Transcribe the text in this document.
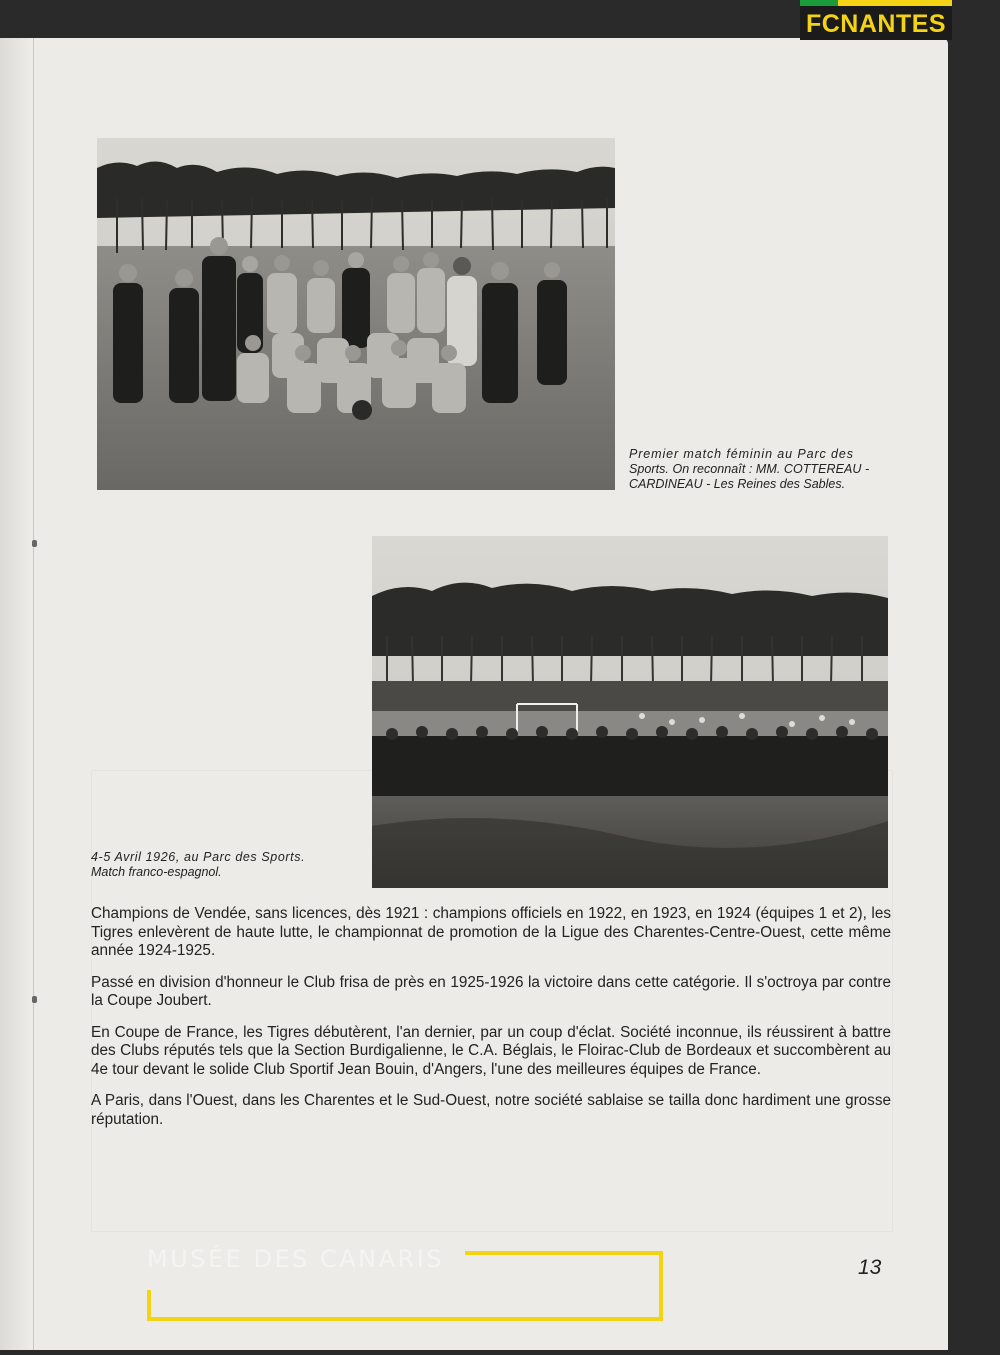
FCNANTES
Premier match féminin au Parc des
Sports. On reconnaît : MM. COTTEREAU -
CARDINEAU - Les Reines des Sables.
4-5 Avril 1926, au Parc des Sports.
Match franco-espagnol.

Champions de Vendée, sans licences, dès 1921 : champions officiels en 1922, en 1923, en 1924 (équipes 1 et 2), les Tigres enlevèrent de haute lutte, le championnat de promotion de la Ligue des Charentes-Centre-Ouest, cette même année 1924-1925.

Passé en division d'honneur le Club frisa de près en 1925-1926 la victoire dans cette catégorie. Il s'octroya par contre la Coupe Joubert.

En Coupe de France, les Tigres débutèrent, l'an dernier, par un coup d'éclat. Société inconnue, ils réussirent à battre des Clubs réputés tels que la Section Burdigalienne, le C.A. Béglais, le Floirac-Club de Bordeaux et succombèrent au 4e tour devant le solide Club Sportif Jean Bouin, d'Angers, l'une des meilleures équipes de France.

A Paris, dans l'Ouest, dans les Charentes et le Sud-Ouest, notre société sablaise se tailla donc hardiment une grosse réputation.

13
MUSÉE DES CANARIS
